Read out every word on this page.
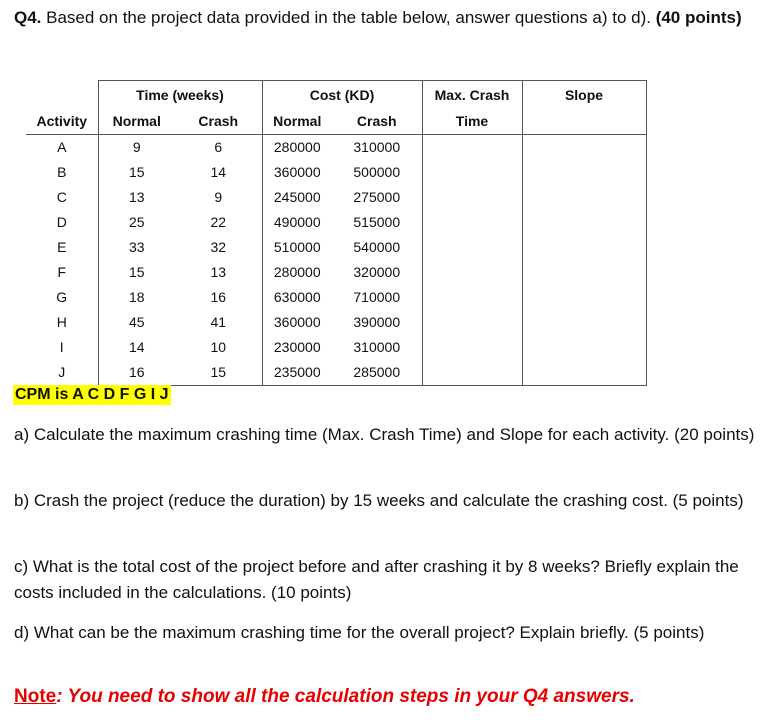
Q4. Based on the project data provided in the table below, answer questions a) to d). (40 points)
	Time (weeks)		Cost (KD)		Max. Crash	Slope
Activity	Normal	Crash	Normal	Crash	Time	
A	9	6	280000	310000		
B	15	14	360000	500000		
C	13	9	245000	275000		
D	25	22	490000	515000		
E	33	32	510000	540000		
F	15	13	280000	320000		
G	18	16	630000	710000		
H	45	41	360000	390000		
I	14	10	230000	310000		
J	16	15	235000	285000		
CPM is A C D F G I J
a) Calculate the maximum crashing time (Max. Crash Time) and Slope for each activity. (20 points)
b) Crash the project (reduce the duration) by 15 weeks and calculate the crashing cost. (5 points)
c) What is the total cost of the project before and after crashing it by 8 weeks? Briefly explain the costs included in the calculations. (10 points)
d) What can be the maximum crashing time for the overall project? Explain briefly. (5 points)
Note: You need to show all the calculation steps in your Q4 answers.
